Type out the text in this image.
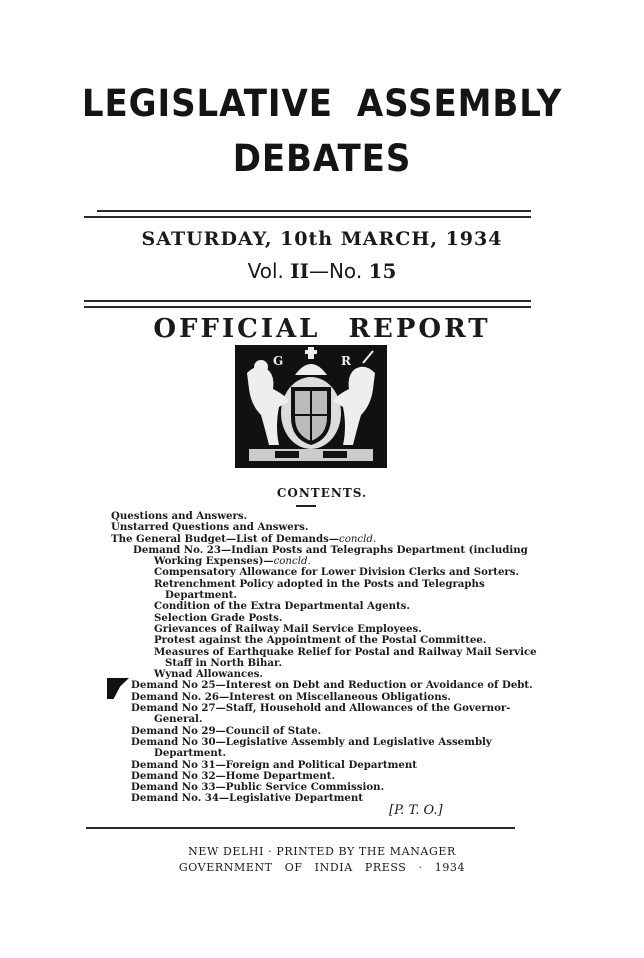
LEGISLATIVE ASSEMBLY
DEBATES
SATURDAY, 10th MARCH, 1934
Vol. II—No. 15
OFFICIAL REPORT
G	R
CONTENTS.
Questions and Answers.
Unstarred Questions and Answers.
The General Budget—List of Demands—concld.
Demand No. 23—Indian Posts and Telegraphs Department (including
Working Expenses)—concld.
Compensatory Allowance for Lower Division Clerks and Sorters.
Retrenchment Policy adopted in the Posts and Telegraphs
Department.
Condition of the Extra Departmental Agents.
Selection Grade Posts.
Grievances of Railway Mail Service Employees.
Protest against the Appointment of the Postal Committee.
Measures of Earthquake Relief for Postal and Railway Mail Service
Staff in North Bihar.
Wynad Allowances.
Demand No 25—Interest on Debt and Reduction or Avoidance of Debt.
Demand No. 26—Interest on Miscellaneous Obligations.
Demand No 27—Staff, Household and Allowances of the Governor-
General.
Demand No 29—Council of State.
Demand No 30—Legislative Assembly and Legislative Assembly
Department.
Demand No 31—Foreign and Political Department
Demand No 32—Home Department.
Demand No 33—Public Service Commission.
Demand No. 34—Legislative Department
[P. T. O.]
NEW DELHI · PRINTED BY THE MANAGER
GOVERNMENT OF INDIA PRESS · 1934
